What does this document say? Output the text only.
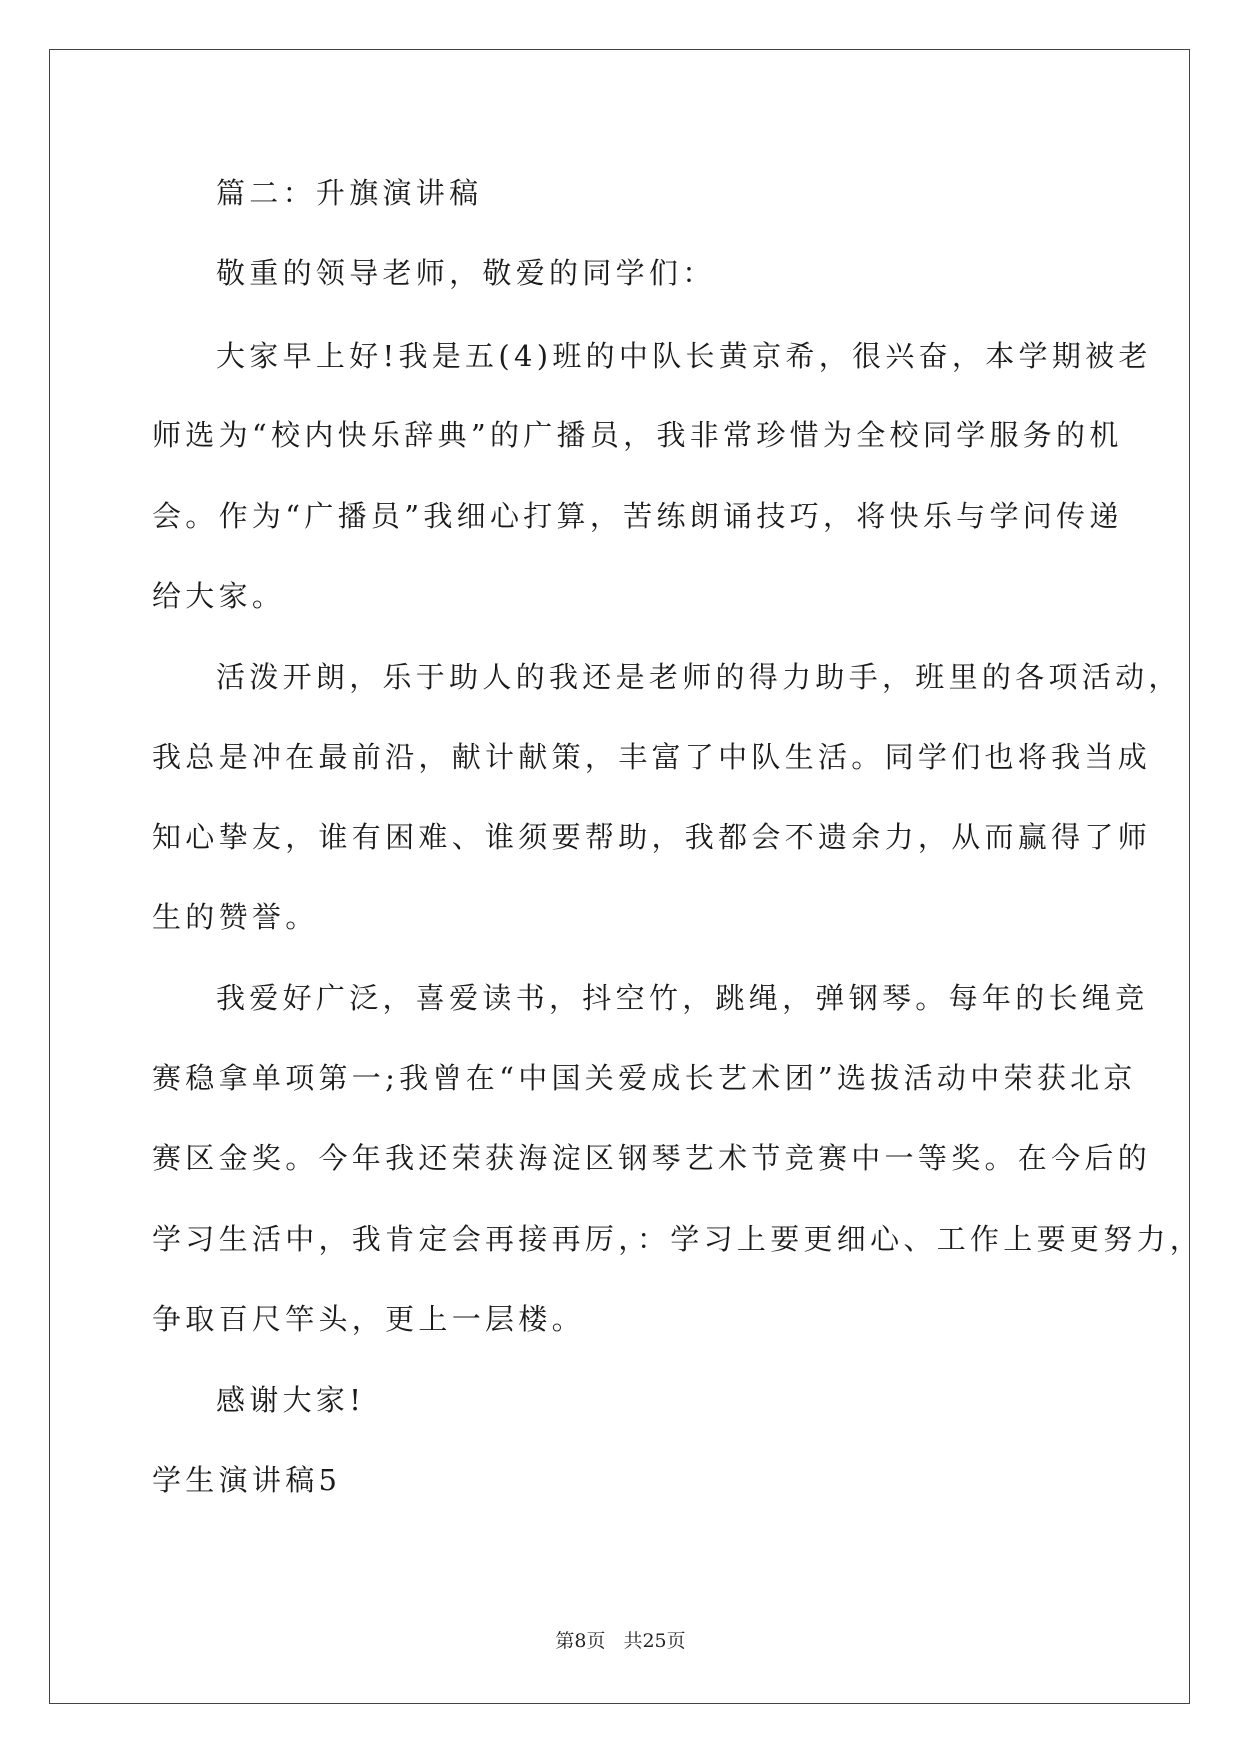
篇二：升旗演讲稿
敬重的领导老师，敬爱的同学们：
大家早上好!我是五(4)班的中队长黄京希，很兴奋，本学期被老
师选为“校内快乐辞典”的广播员，我非常珍惜为全校同学服务的机
会。作为“广播员”我细心打算，苦练朗诵技巧，将快乐与学问传递
给大家。
活泼开朗，乐于助人的我还是老师的得力助手，班里的各项活动，
我总是冲在最前沿，献计献策，丰富了中队生活。同学们也将我当成
知心挚友，谁有困难、谁须要帮助，我都会不遗余力，从而赢得了师
生的赞誉。
我爱好广泛，喜爱读书，抖空竹，跳绳，弹钢琴。每年的长绳竞
赛稳拿单项第一;我曾在“中国关爱成长艺术团”选拔活动中荣获北京
赛区金奖。今年我还荣获海淀区钢琴艺术节竞赛中一等奖。在今后的
学习生活中，我肯定会再接再厉，：学习上要更细心、工作上要更努力，
争取百尺竿头，更上一层楼。
感谢大家!
学生演讲稿5
第8页 共25页
